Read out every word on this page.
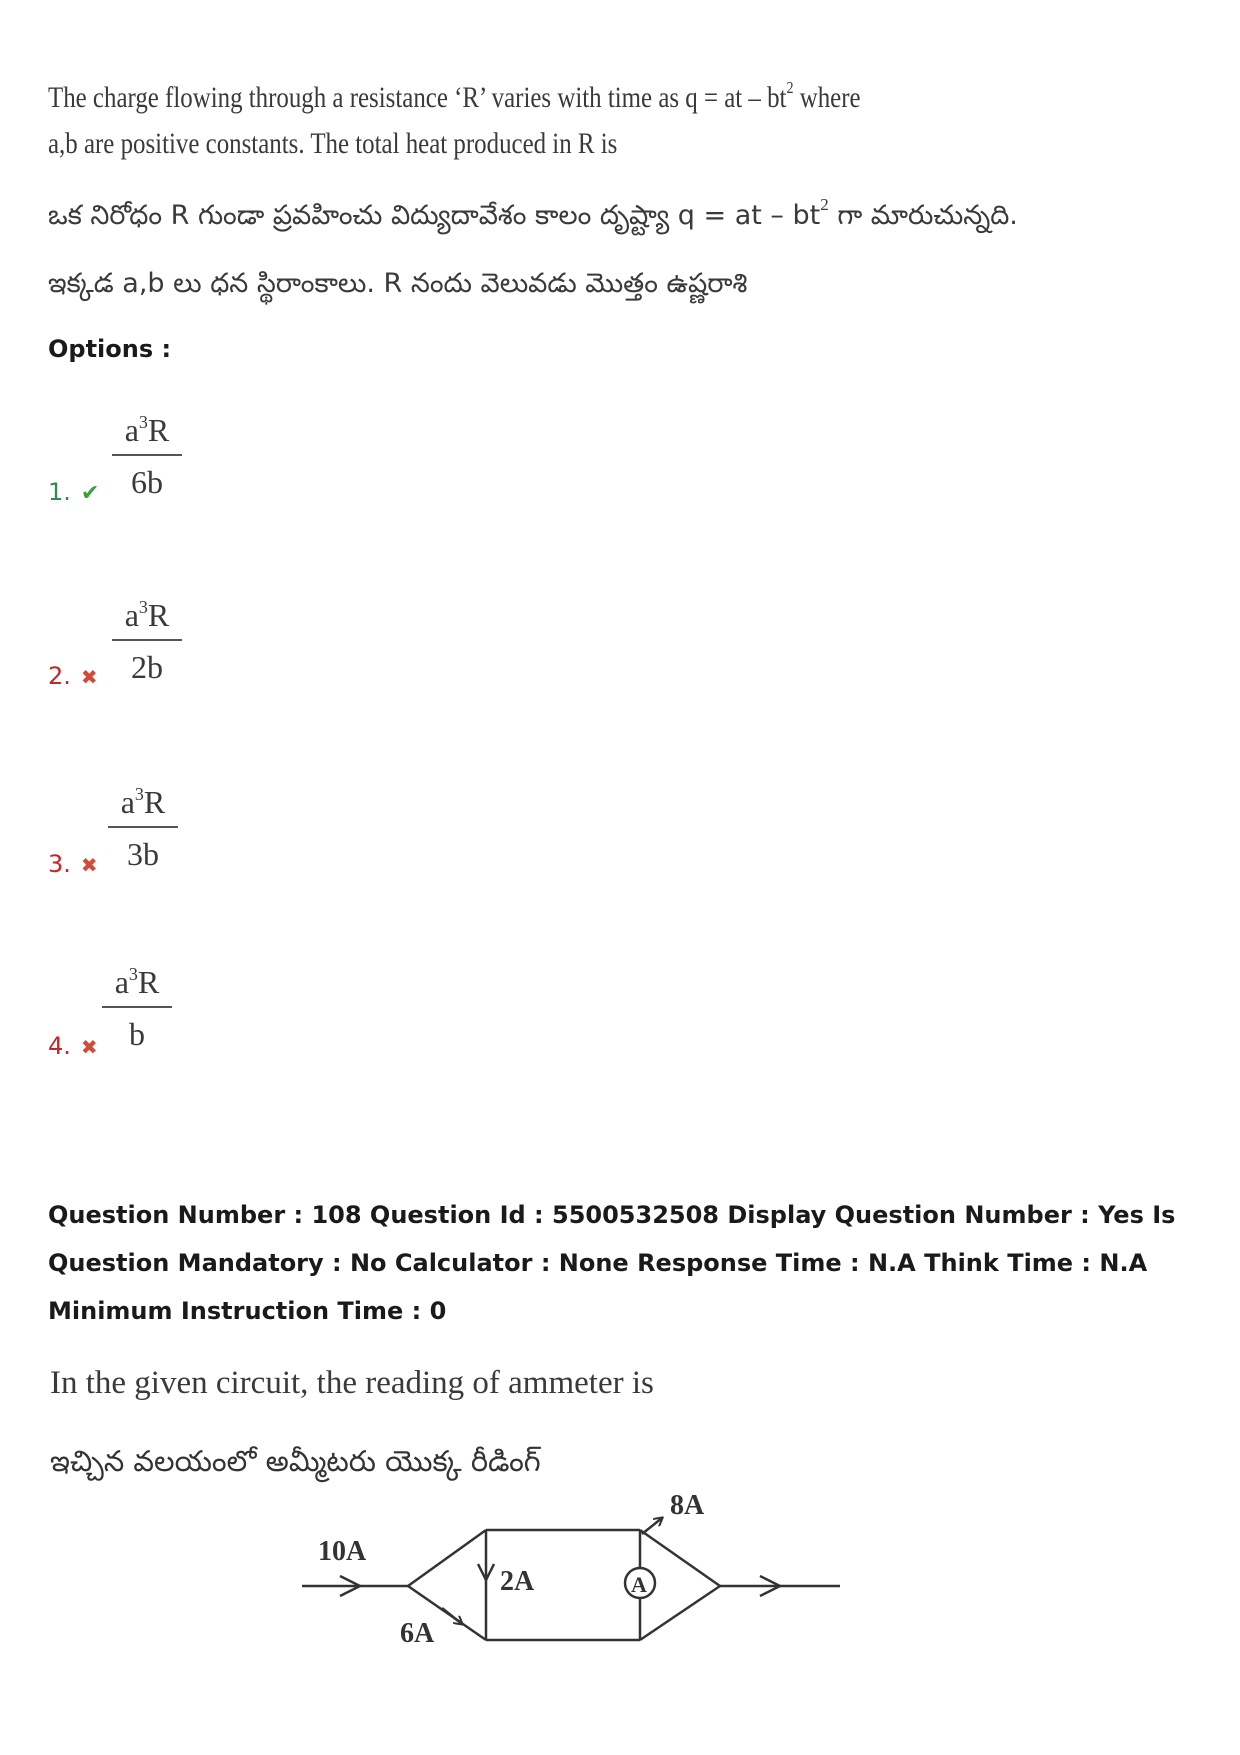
The charge flowing through a resistance ‘R’ varies with time as q = at – $bt^2$ where
a,b are positive constants. The total heat produced in R is
ఒక నిరోధం R గుండా ప్రవహించు విద్యుదావేశం కాలం దృష్ట్యా q = at – $bt^2$ గా మారుచున్నది.
ఇక్కడ a,b లు ధన స్థిరాంకాలు. R నందు వెలువడు మొత్తం ఉష్ణరాశి
Options :
$a^3R$
6b
1. ✔
$a^3R$
2b
2. ✖
$a^3R$
3b
3. ✖
$a^3R$
b
4. ✖
Question Number : 108 Question Id : 5500532508 Display Question Number : Yes Is Question Mandatory : No Calculator : None Response Time : N.A Think Time : N.A Minimum Instruction Time : 0
In the given circuit, the reading of ammeter is
ఇచ్చిన వలయంలో అమ్మీటరు యొక్క రీడింగ్
10A
6A
2A
8A
A
